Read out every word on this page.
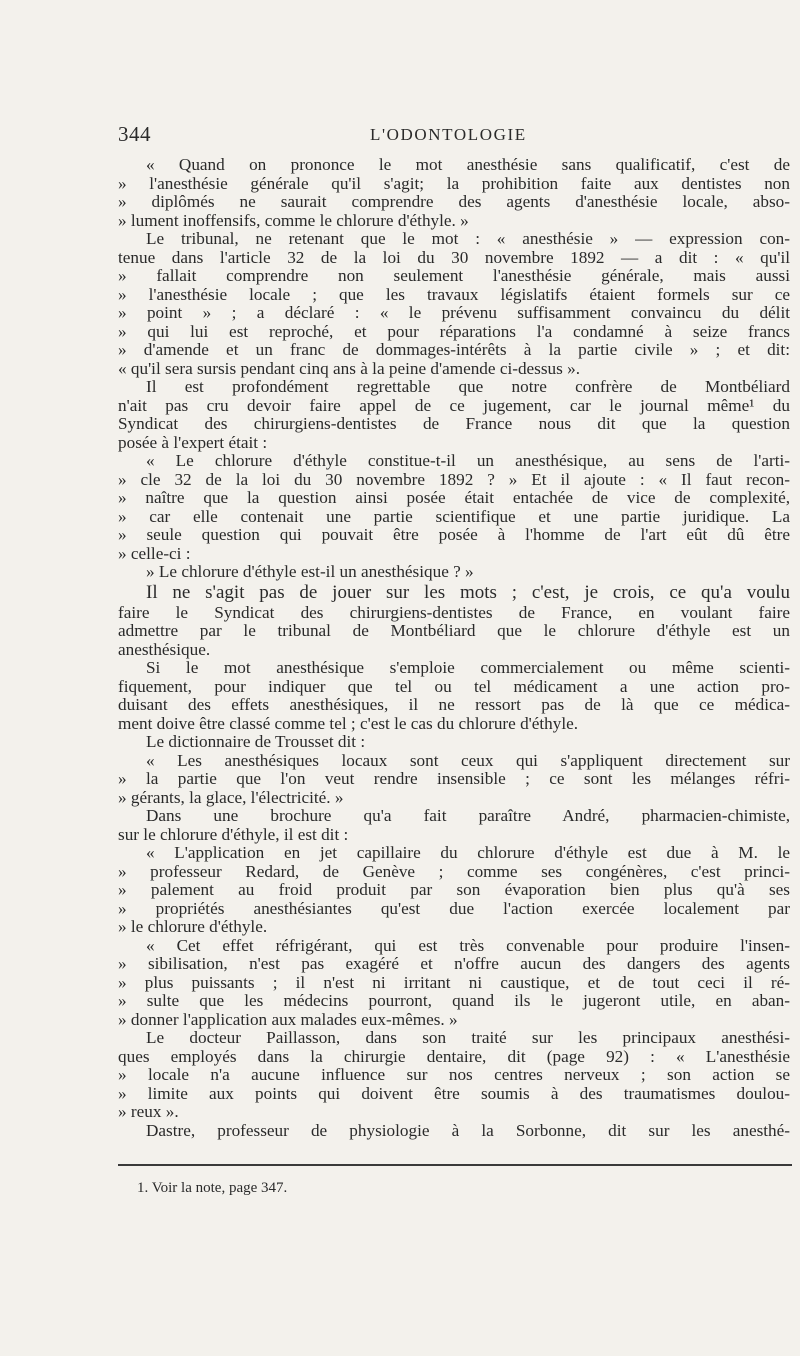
344	L'ODONTOLOGIE
« Quand on prononce le mot anesthésie sans qualificatif, c'est de
» l'anesthésie générale qu'il s'agit; la prohibition faite aux dentistes non
» diplômés ne saurait comprendre des agents d'anesthésie locale, abso-
» lument inoffensifs, comme le chlorure d'éthyle. »
Le tribunal, ne retenant que le mot : « anesthésie » — expression con-
tenue dans l'article 32 de la loi du 30 novembre 1892 — a dit : « qu'il
» fallait comprendre non seulement l'anesthésie générale, mais aussi
» l'anesthésie locale ; que les travaux législatifs étaient formels sur ce
» point » ; a déclaré : « le prévenu suffisamment convaincu du délit
» qui lui est reproché, et pour réparations l'a condamné à seize francs
» d'amende et un franc de dommages-intérêts à la partie civile » ; et dit:
« qu'il sera sursis pendant cinq ans à la peine d'amende ci-dessus ».
Il est profondément regrettable que notre confrère de Montbéliard
n'ait pas cru devoir faire appel de ce jugement, car le journal même¹ du
Syndicat des chirurgiens-dentistes de France nous dit que la question
posée à l'expert était :
« Le chlorure d'éthyle constitue-t-il un anesthésique, au sens de l'arti-
» cle 32 de la loi du 30 novembre 1892 ? » Et il ajoute : « Il faut recon-
» naître que la question ainsi posée était entachée de vice de complexité,
» car elle contenait une partie scientifique et une partie juridique. La
» seule question qui pouvait être posée à l'homme de l'art eût dû être
» celle-ci :
» Le chlorure d'éthyle est-il un anesthésique ? »
Il ne s'agit pas de jouer sur les mots ; c'est, je crois, ce qu'a voulu
faire le Syndicat des chirurgiens-dentistes de France, en voulant faire
admettre par le tribunal de Montbéliard que le chlorure d'éthyle est un
anesthésique.
Si le mot anesthésique s'emploie commercialement ou même scienti-
fiquement, pour indiquer que tel ou tel médicament a une action pro-
duisant des effets anesthésiques, il ne ressort pas de là que ce médica-
ment doive être classé comme tel ; c'est le cas du chlorure d'éthyle.
Le dictionnaire de Trousset dit :
« Les anesthésiques locaux sont ceux qui s'appliquent directement sur
» la partie que l'on veut rendre insensible ; ce sont les mélanges réfri-
» gérants, la glace, l'électricité. »
Dans une brochure qu'a fait paraître André, pharmacien-chimiste,
sur le chlorure d'éthyle, il est dit :
« L'application en jet capillaire du chlorure d'éthyle est due à M. le
» professeur Redard, de Genève ; comme ses congénères, c'est princi-
» palement au froid produit par son évaporation bien plus qu'à ses
» propriétés anesthésiantes qu'est due l'action exercée localement par
» le chlorure d'éthyle.
« Cet effet réfrigérant, qui est très convenable pour produire l'insen-
» sibilisation, n'est pas exagéré et n'offre aucun des dangers des agents
» plus puissants ; il n'est ni irritant ni caustique, et de tout ceci il ré-
» sulte que les médecins pourront, quand ils le jugeront utile, en aban-
» donner l'application aux malades eux-mêmes. »
Le docteur Paillasson, dans son traité sur les principaux anesthési-
ques employés dans la chirurgie dentaire, dit (page 92) : « L'anesthésie
» locale n'a aucune influence sur nos centres nerveux ; son action se
» limite aux points qui doivent être soumis à des traumatismes doulou-
» reux ».
Dastre, professeur de physiologie à la Sorbonne, dit sur les anesthé-
1. Voir la note, page 347.
